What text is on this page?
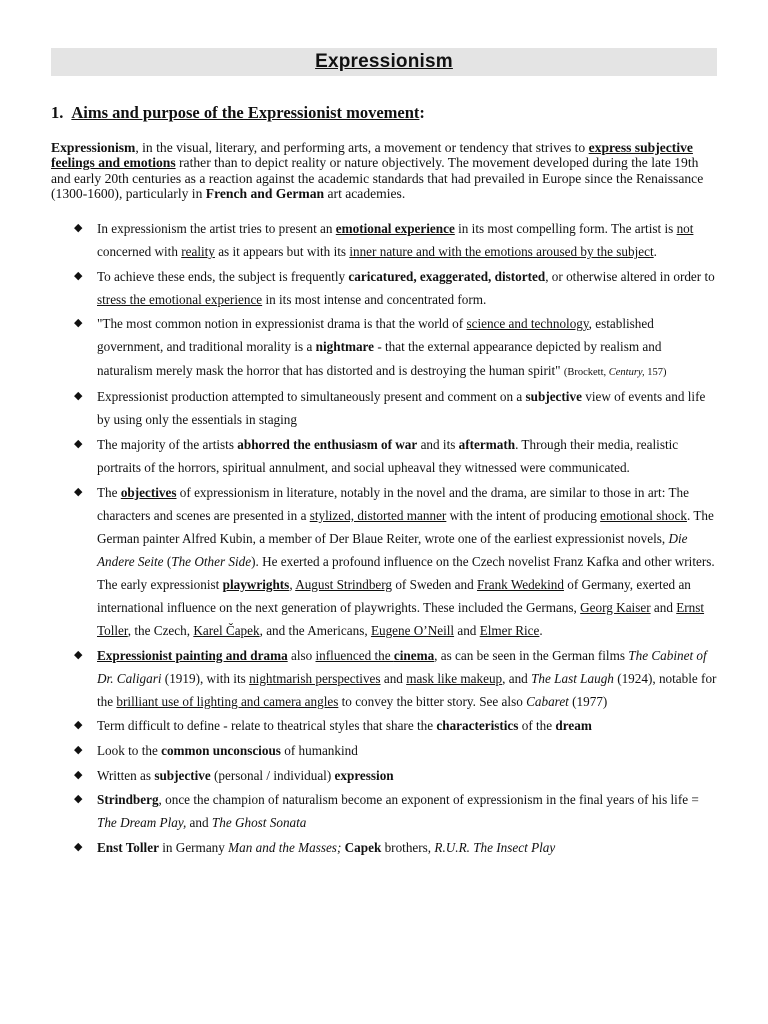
Expressionism
1. Aims and purpose of the Expressionist movement:
Expressionism, in the visual, literary, and performing arts, a movement or tendency that strives to express subjective feelings and emotions rather than to depict reality or nature objectively. The movement developed during the late 19th and early 20th centuries as a reaction against the academic standards that had prevailed in Europe since the Renaissance (1300-1600), particularly in French and German art academies.
◆ In expressionism the artist tries to present an emotional experience in its most compelling form. The artist is not concerned with reality as it appears but with its inner nature and with the emotions aroused by the subject.
◆ To achieve these ends, the subject is frequently caricatured, exaggerated, distorted, or otherwise altered in order to stress the emotional experience in its most intense and concentrated form.
◆ "The most common notion in expressionist drama is that the world of science and technology, established government, and traditional morality is a nightmare - that the external appearance depicted by realism and naturalism merely mask the horror that has distorted and is destroying the human spirit" (Brockett, Century, 157)
◆ Expressionist production attempted to simultaneously present and comment on a subjective view of events and life by using only the essentials in staging
◆ The majority of the artists abhorred the enthusiasm of war and its aftermath. Through their media, realistic portraits of the horrors, spiritual annulment, and social upheaval they witnessed were communicated.
◆ The objectives of expressionism in literature, notably in the novel and the drama, are similar to those in art: The characters and scenes are presented in a stylized, distorted manner with the intent of producing emotional shock. The German painter Alfred Kubin, a member of Der Blaue Reiter, wrote one of the earliest expressionist novels, Die Andere Seite (The Other Side). He exerted a profound influence on the Czech novelist Franz Kafka and other writers. The early expressionist playwrights, August Strindberg of Sweden and Frank Wedekind of Germany, exerted an international influence on the next generation of playwrights. These included the Germans, Georg Kaiser and Ernst Toller, the Czech, Karel Čapek, and the Americans, Eugene O’Neill and Elmer Rice.
◆ Expressionist painting and drama also influenced the cinema, as can be seen in the German films The Cabinet of Dr. Caligari (1919), with its nightmarish perspectives and mask like makeup, and The Last Laugh (1924), notable for the brilliant use of lighting and camera angles to convey the bitter story. See also Cabaret (1977)
◆ Term difficult to define - relate to theatrical styles that share the characteristics of the dream
◆ Look to the common unconscious of humankind
◆ Written as subjective (personal / individual) expression
◆ Strindberg, once the champion of naturalism become an exponent of expressionism in the final years of his life = The Dream Play, and The Ghost Sonata
◆ Enst Toller in Germany Man and the Masses; Capek brothers, R.U.R. The Insect Play
